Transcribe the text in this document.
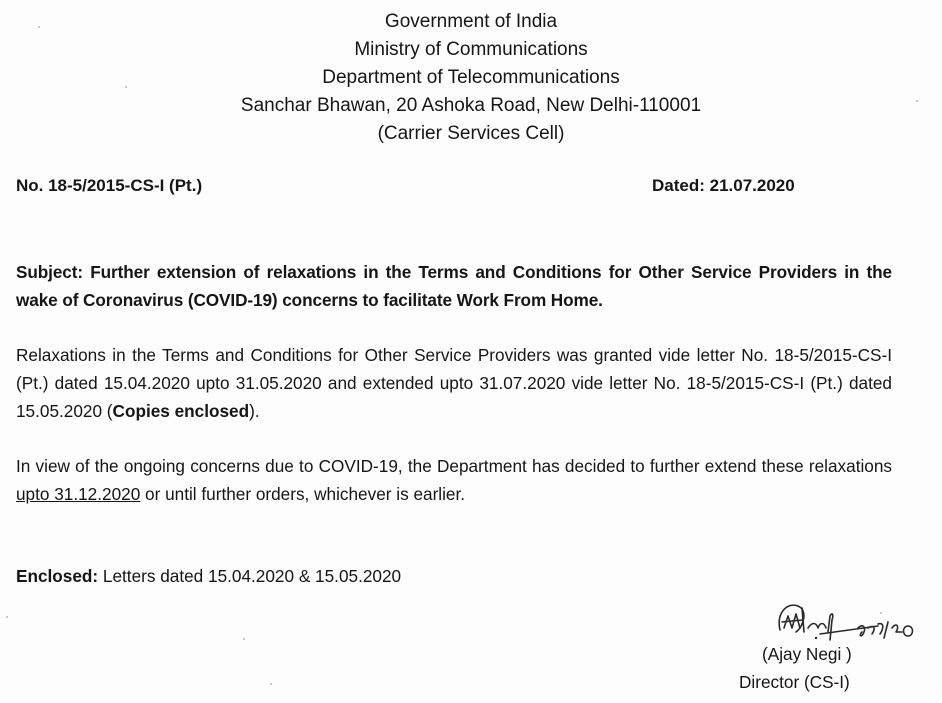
Government of India
Ministry of Communications
Department of Telecommunications
Sanchar Bhawan, 20 Ashoka Road, New Delhi-110001
(Carrier Services Cell)
No. 18-5/2015-CS-I (Pt.)	Dated: 21.07.2020
Subject: Further extension of relaxations in the Terms and Conditions for Other Service Providers in the wake of Coronavirus (COVID-19) concerns to facilitate Work From Home.
Relaxations in the Terms and Conditions for Other Service Providers was granted vide letter No. 18-5/2015-CS-I (Pt.) dated 15.04.2020 upto 31.05.2020 and extended upto 31.07.2020 vide letter No. 18-5/2015-CS-I (Pt.) dated 15.05.2020 (Copies enclosed).
In view of the ongoing concerns due to COVID-19, the Department has decided to further extend these relaxations upto 31.12.2020 or until further orders, whichever is earlier.
Enclosed: Letters dated 15.04.2020 & 15.05.2020
(Ajay Negi )
Director (CS-I)
